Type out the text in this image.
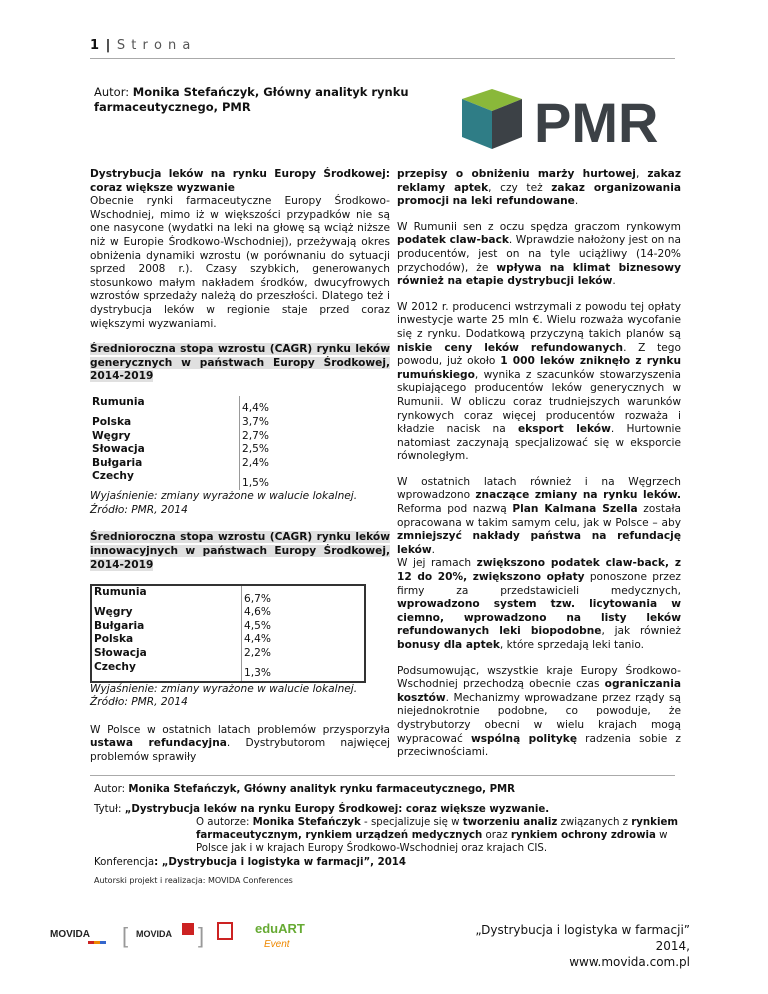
1 | S t r o n a
Autor: Monika Stefańczyk, Główny analityk rynku farmaceutycznego, PMR	PMR

Dystrybucja leków na rynku Europy Środkowej: coraz większe wyzwanie

Obecnie rynki farmaceutyczne Europy Środkowo-Wschodniej, mimo iż w większości przypadków nie są one nasycone (wydatki na leki na głowę są wciąż niższe niż w Europie Środkowo-Wschodniej), przeżywają okres obniżenia dynamiki wzrostu (w porównaniu do sytuacji sprzed 2008 r.). Czasy szybkich, generowanych stosunkowo małym nakładem środków, dwucyfrowych wzrostów sprzedaży należą do przeszłości. Dlatego też i dystrybucja leków w regionie staje przed coraz większymi wyzwaniami.

Średnioroczna stopa wzrostu (CAGR) rynku leków generycznych w państwach Europy Środkowej, 2014-2019

Rumunia	4,4%
Polska	3,7%
Węgry	2,7%
Słowacja	2,5%
Bułgaria	2,4%
Czechy	1,5%
Wyjaśnienie: zmiany wyrażone w walucie lokalnej.
Źródło: PMR, 2014

Średnioroczna stopa wzrostu (CAGR) rynku leków innowacyjnych w państwach Europy Środkowej, 2014-2019

Rumunia	6,7%
Węgry	4,6%
Bułgaria	4,5%
Polska	4,4%
Słowacja	2,2%
Czechy	1,3%
Wyjaśnienie: zmiany wyrażone w walucie lokalnej.
Źródło: PMR, 2014

W Polsce w ostatnich latach problemów przysporzyła ustawa refundacyjna. Dystrybutorom najwięcej problemów sprawiły

przepisy o obniżeniu marży hurtowej, zakaz reklamy aptek, czy też zakaz organizowania promocji na leki refundowane.

W Rumunii sen z oczu spędza graczom rynkowym podatek claw-back. Wprawdzie nałożony jest on na producentów, jest on na tyle uciążliwy (14-20% przychodów), że wpływa na klimat biznesowy również na etapie dystrybucji leków.

W 2012 r. producenci wstrzymali z powodu tej opłaty inwestycje warte 25 mln €. Wielu rozważa wycofanie się z rynku. Dodatkową przyczyną takich planów są niskie ceny leków refundowanych. Z tego powodu, już około 1 000 leków zniknęło z rynku rumuńskiego, wynika z szacunków stowarzyszenia skupiającego producentów leków generycznych w Rumunii. W obliczu coraz trudniejszych warunków rynkowych coraz więcej producentów rozważa i kładzie nacisk na eksport leków. Hurtownie natomiast zaczynają specjalizować się w eksporcie równoległym.

W ostatnich latach również i na Węgrzech wprowadzono znaczące zmiany na rynku leków. Reforma pod nazwą Plan Kalmana Szella została opracowana w takim samym celu, jak w Polsce – aby zmniejszyć nakłady państwa na refundację leków.

W jej ramach zwiększono podatek claw-back, z 12 do 20%, zwiększono opłaty ponoszone przez firmy za przedstawicieli medycznych, wprowadzono system tzw. licytowania w ciemno, wprowadzono na listy leków refundowanych leki biopodobne, jak również bonusy dla aptek, które sprzedają leki tanio.

Podsumowując, wszystkie kraje Europy Środkowo-Wschodniej przechodzą obecnie czas ograniczania kosztów. Mechanizmy wprowadzane przez rządy są niejednokrotnie podobne, co powoduje, że dystrybutorzy obecni w wielu krajach mogą wypracować wspólną politykę radzenia sobie z przeciwnościami.

Autor: Monika Stefańczyk, Główny analityk rynku farmaceutycznego, PMR
Tytuł: „Dystrybucja leków na rynku Europy Środkowej: coraz większe wyzwanie.
O autorze: Monika Stefańczyk - specjalizuje się w tworzeniu analiz związanych z rynkiem farmaceutycznym, rynkiem urządzeń medycznych oraz rynkiem ochrony zdrowia w Polsce jak i w krajach Europy Środkowo-Wschodniej oraz krajach CIS.
Konferencja: „Dystrybucja i logistyka w farmacji”, 2014
Autorski projekt i realizacja: MOVIDA Conferences
MOVIDA [ MOVIDA ]	eduART
Event
„Dystrybucja i logistyka w farmacji” 2014,
www.movida.com.pl
